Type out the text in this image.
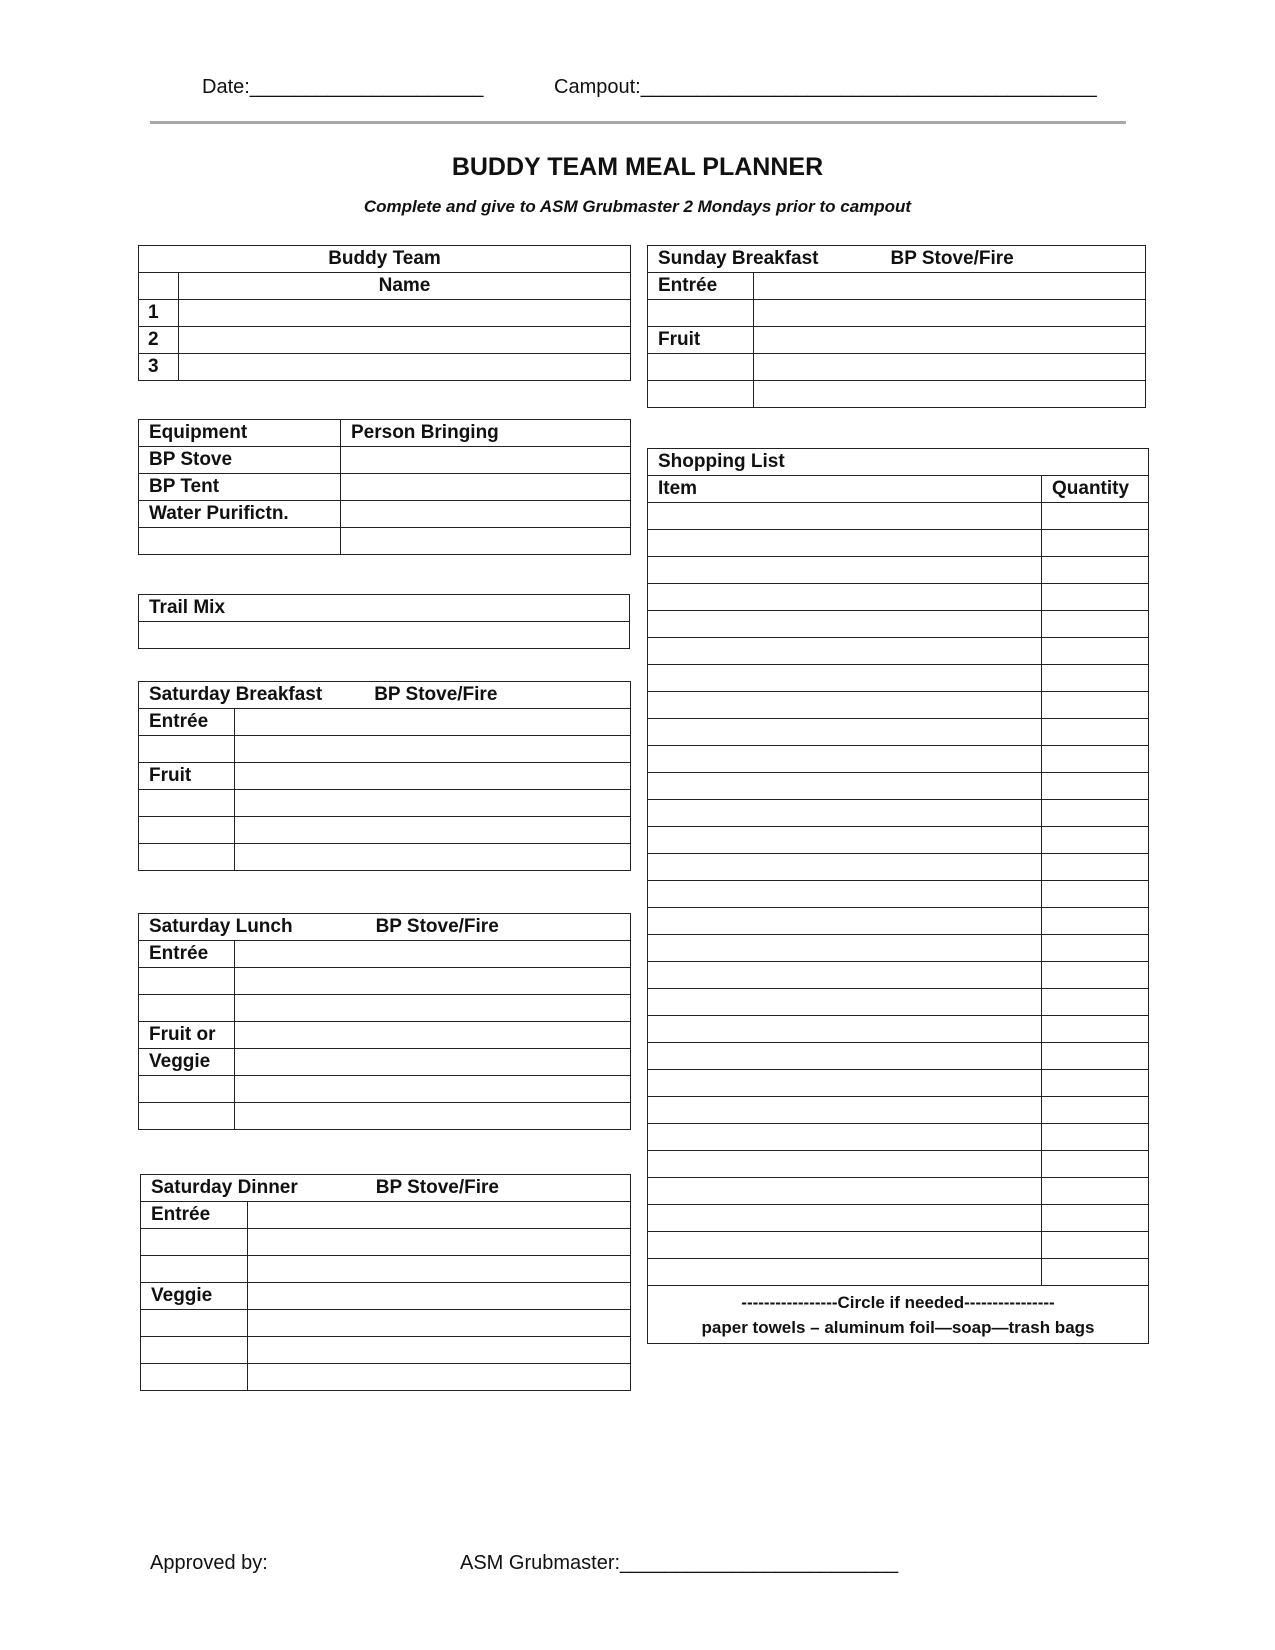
Date:_____________________	Campout:_________________________________________
BUDDY TEAM MEAL PLANNER
Complete and give to ASM Grubmaster 2 Mondays prior to campout
Buddy Team	
	Name
1	
2	
3	
Equipment	Person Bringing
BP Stove	
BP Tent	
Water Purifictn.	

Trail Mix

Saturday Breakfast BP Stove/Fire	
Entrée	

Fruit	

Saturday Lunch BP Stove/Fire	
Entrée	

Fruit or	
Veggie	

Saturday Dinner BP Stove/Fire	
Entrée	

Veggie	

Sunday Breakfast BP Stove/Fire	
Entrée	

Fruit	

Shopping List	
Item	Quantity

-----------------Circle if needed----------------
paper towels – aluminum foil—soap—trash bags	
Approved by:	ASM Grubmaster:_________________________
